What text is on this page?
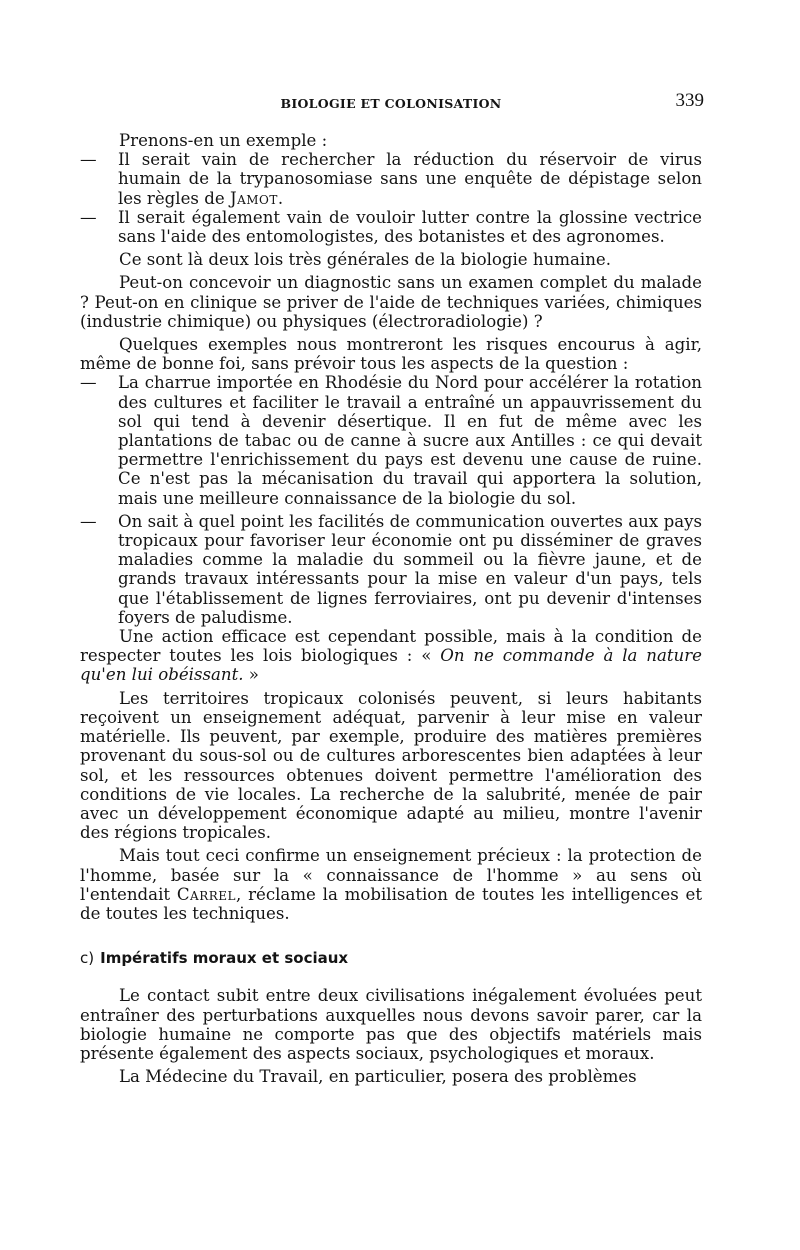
BIOLOGIE ET COLONISATION	339

Prenons-en un exemple :

—	Il serait vain de rechercher la réduction du réservoir de virus humain de la trypanosomiase sans une enquête de dépistage selon les règles de Jamot.
—	Il serait également vain de vouloir lutter contre la glossine vectrice sans l'aide des entomologistes, des botanistes et des agronomes.

Ce sont là deux lois très générales de la biologie humaine.

Peut-on concevoir un diagnostic sans un examen complet du malade ? Peut-on en clinique se priver de l'aide de techniques variées, chimiques (industrie chimique) ou physiques (électroradiologie) ?

Quelques exemples nous montreront les risques encourus à agir, même de bonne foi, sans prévoir tous les aspects de la question :

—	La charrue importée en Rhodésie du Nord pour accélérer la rotation des cultures et faciliter le travail a entraîné un appauvrissement du sol qui tend à devenir désertique. Il en fut de même avec les plantations de tabac ou de canne à sucre aux Antilles : ce qui devait permettre l'enrichissement du pays est devenu une cause de ruine. Ce n'est pas la mécanisation du travail qui apportera la solution, mais une meilleure connaissance de la biologie du sol.
—	On sait à quel point les facilités de communication ouvertes aux pays tropicaux pour favoriser leur économie ont pu disséminer de graves maladies comme la maladie du sommeil ou la fièvre jaune, et de grands travaux intéressants pour la mise en valeur d'un pays, tels que l'établissement de lignes ferroviaires, ont pu devenir d'intenses foyers de paludisme.

Une action efficace est cependant possible, mais à la condition de respecter toutes les lois biologiques : « On ne commande à la nature qu'en lui obéissant. »

Les territoires tropicaux colonisés peuvent, si leurs habitants reçoivent un enseignement adéquat, parvenir à leur mise en valeur matérielle. Ils peuvent, par exemple, produire des matières premières provenant du sous-sol ou de cultures arborescentes bien adaptées à leur sol, et les ressources obtenues doivent permettre l'amélioration des conditions de vie locales. La recherche de la salubrité, menée de pair avec un développement économique adapté au milieu, montre l'avenir des régions tropicales.

Mais tout ceci confirme un enseignement précieux : la protection de l'homme, basée sur la « connaissance de l'homme » au sens où l'entendait Carrel, réclame la mobilisation de toutes les intelligences et de toutes les techniques.

c) Impératifs moraux et sociaux

Le contact subit entre deux civilisations inégalement évoluées peut entraîner des perturbations auxquelles nous devons savoir parer, car la biologie humaine ne comporte pas que des objectifs matériels mais présente également des aspects sociaux, psychologiques et moraux.

La Médecine du Travail, en particulier, posera des problèmes
